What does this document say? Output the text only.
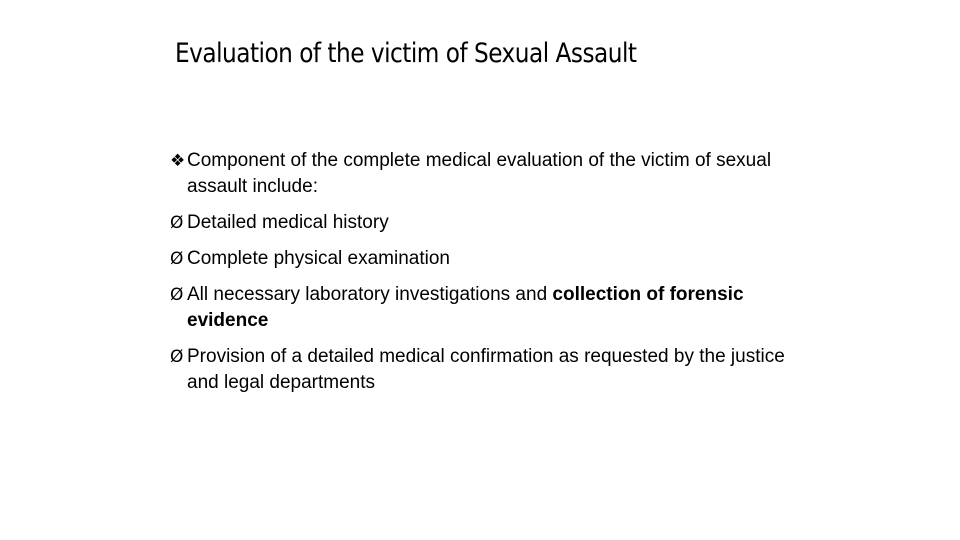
Evaluation of the victim of Sexual Assault
❖ Component of the complete medical evaluation of the victim of sexual assault include:
Ø Detailed medical history
Ø Complete physical examination
Ø All necessary laboratory investigations and collection of forensic evidence
Ø Provision of a detailed medical confirmation as requested by the justice and legal departments
